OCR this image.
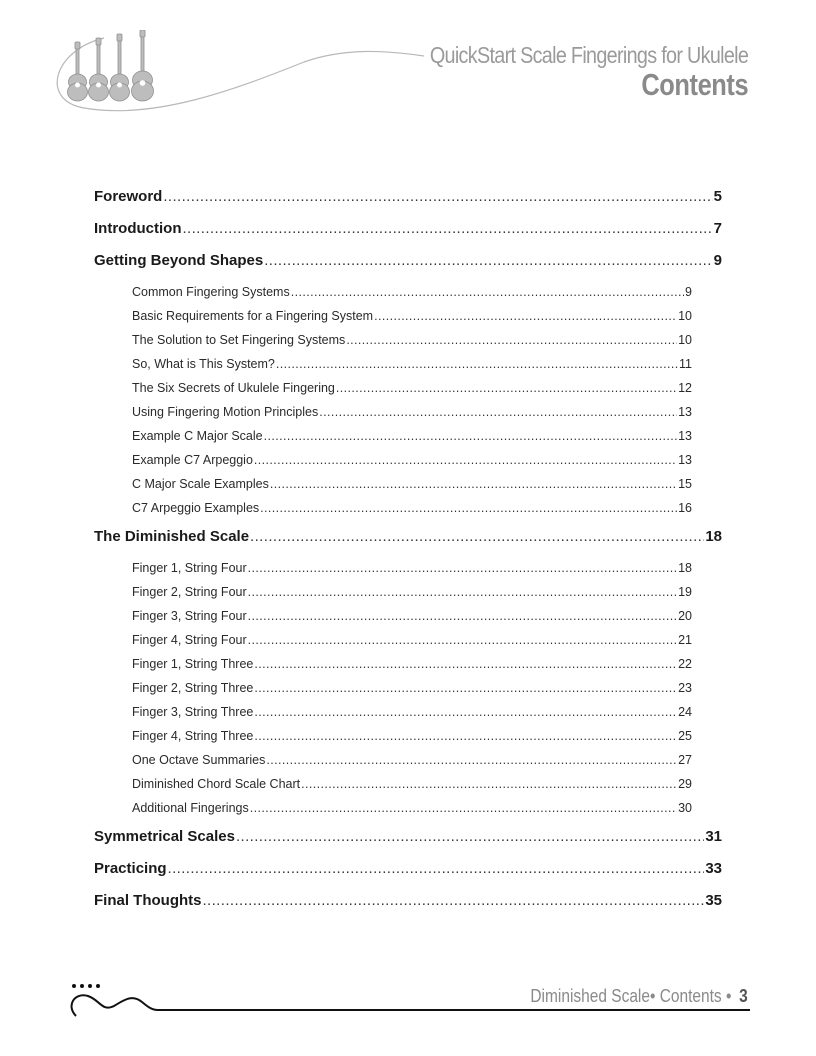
QuickStart Scale Fingerings for Ukulele
Contents
Foreword .....	5
Introduction .....	7
Getting Beyond Shapes .....	9
Common Fingering Systems .....	9
Basic Requirements for a Fingering System .....	10
The Solution to Set Fingering Systems .....	10
So, What is This System? .....	11
The Six Secrets of Ukulele Fingering .....	12
Using Fingering Motion Principles .....	13
Example C Major Scale .....	13
Example C7 Arpeggio .....	13
C Major Scale Examples .....	15
C7 Arpeggio Examples .....	16
The Diminished Scale .....	18
Finger 1, String Four .....	18
Finger 2, String Four .....	19
Finger 3, String Four .....	20
Finger 4, String Four .....	21
Finger 1, String Three .....	22
Finger 2, String Three .....	23
Finger 3, String Three .....	24
Finger 4, String Three .....	25
One Octave Summaries .....	27
Diminished Chord Scale Chart .....	29
Additional Fingerings .....	30
Symmetrical Scales .....	31
Practicing .....	33
Final Thoughts .....	35
Diminished Scale• Contents • 3
